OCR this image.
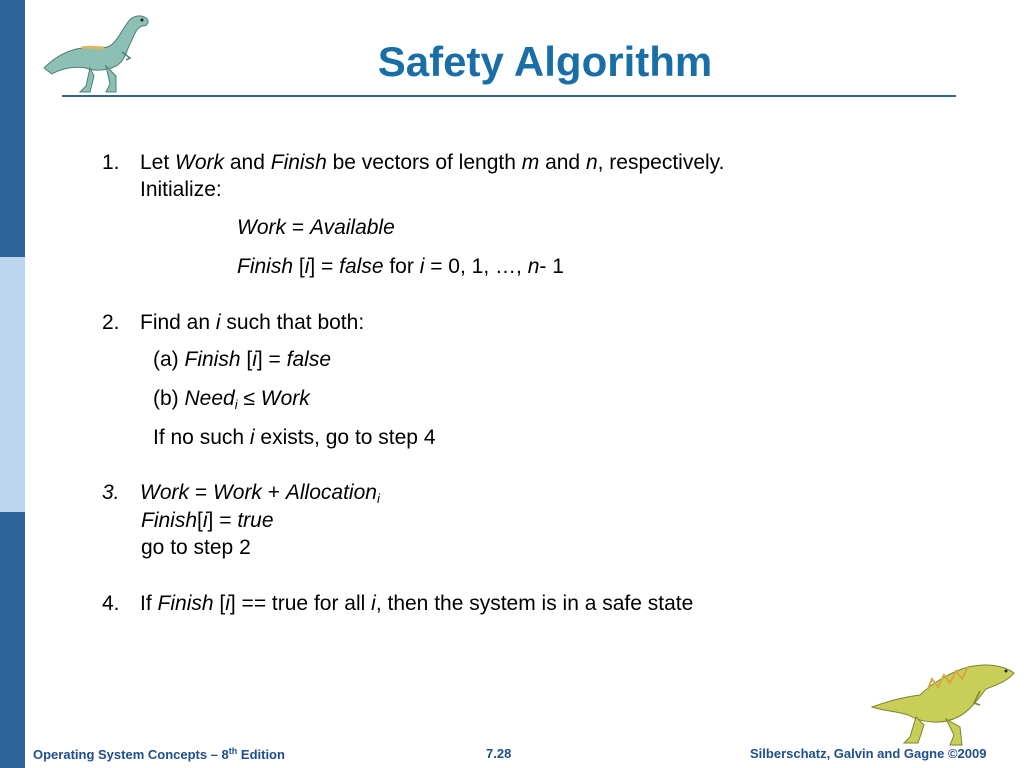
Safety Algorithm
1. Let Work and Finish be vectors of length m and n, respectively.
Initialize:
Work = Available
Finish [i] = false for i = 0, 1, …, n- 1
2. Find an i such that both:
(a) Finish [i] = false
(b) Need$_i$ ≤ Work
If no such i exists, go to step 4
3. Work = Work + Allocation$_i$
Finish[i] = true
go to step 2
4. If Finish [i] == true for all i, then the system is in a safe state
Operating System Concepts – 8th Edition	7.28	Silberschatz, Galvin and Gagne ©2009
